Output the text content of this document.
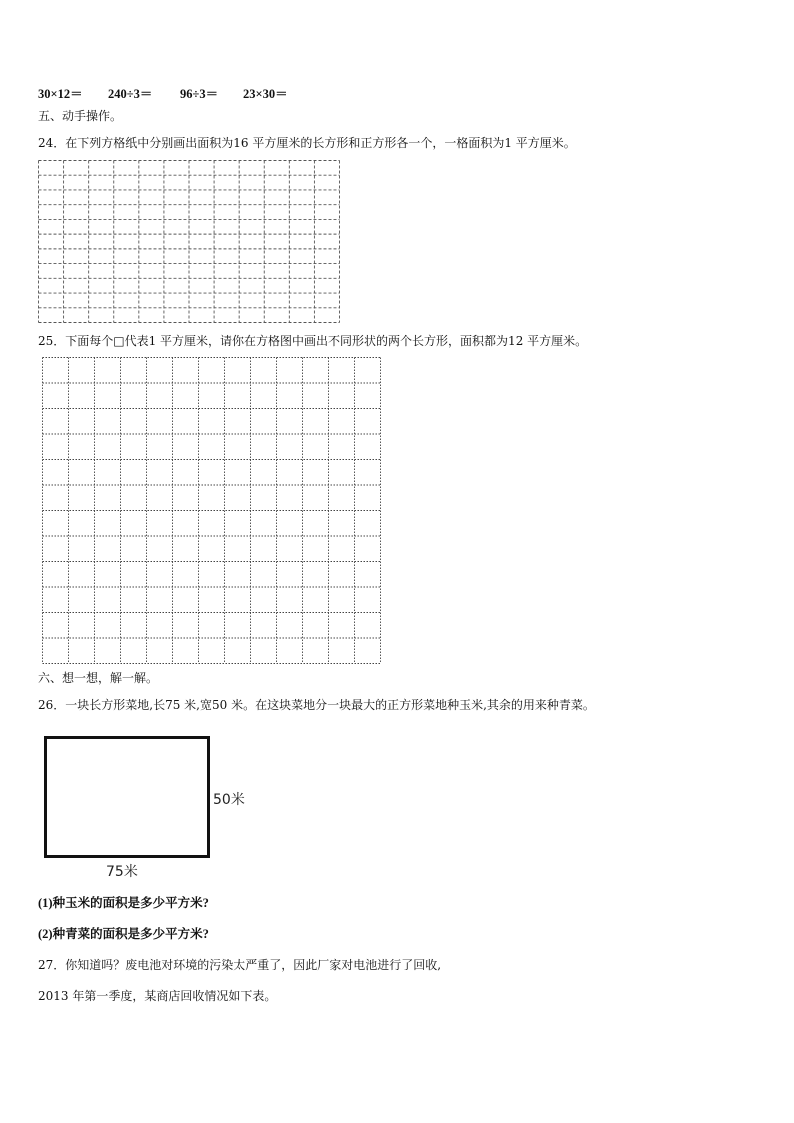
30×12＝ 240÷3＝ 96÷3＝ 23×30＝
五、动手操作。
24．在下列方格纸中分别画出面积为16 平方厘米的长方形和正方形各一个，一格面积为1 平方厘米。
25．下面每个□代表1 平方厘米，请你在方格图中画出不同形状的两个长方形，面积都为12 平方厘米。
六、想一想，解一解。
26．一块长方形菜地,长75 米,宽50 米。在这块菜地分一块最大的正方形菜地种玉米,其余的用来种青菜。
50米
75米
(1)种玉米的面积是多少平方米?
(2)种青菜的面积是多少平方米?
27．你知道吗？废电池对环境的污染太严重了，因此厂家对电池进行了回收,
2013 年第一季度，某商店回收情况如下表。
